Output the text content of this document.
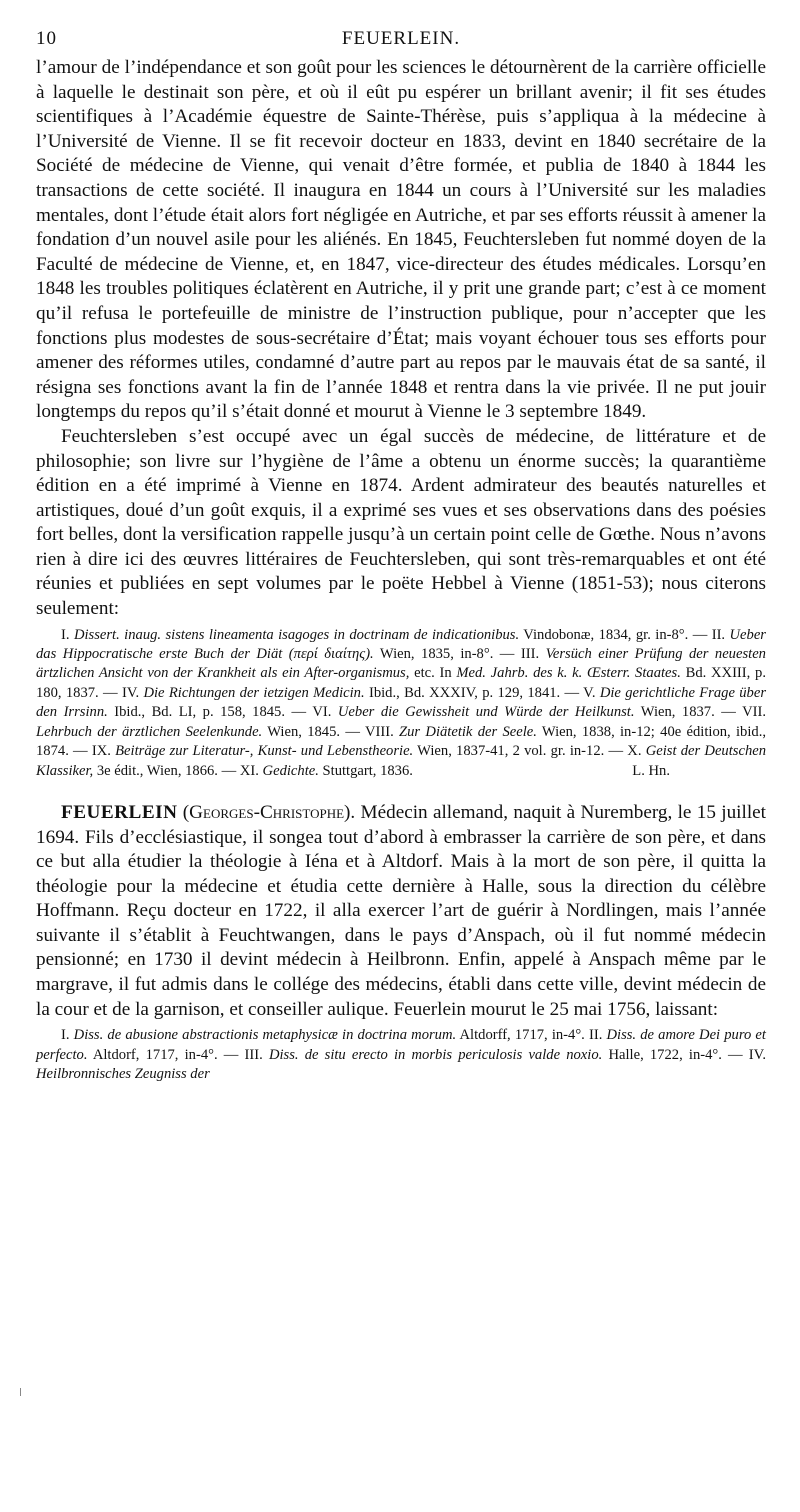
10	FEUERLEIN.

l’amour de l’indépendance et son goût pour les sciences le détournèrent de la carrière officielle à laquelle le destinait son père, et où il eût pu espérer un brillant avenir; il fit ses études scientifiques à l’Académie équestre de Sainte-Thérèse, puis s’appliqua à la médecine à l’Université de Vienne. Il se fit recevoir docteur en 1833, devint en 1840 secrétaire de la Société de médecine de Vienne, qui venait d’être formée, et publia de 1840 à 1844 les transactions de cette société. Il inaugura en 1844 un cours à l’Université sur les maladies mentales, dont l’étude était alors fort négligée en Autriche, et par ses efforts réussit à amener la fondation d’un nouvel asile pour les aliénés. En 1845, Feuchtersleben fut nommé doyen de la Faculté de médecine de Vienne, et, en 1847, vice-directeur des études médicales. Lorsqu’en 1848 les troubles politiques éclatèrent en Autriche, il y prit une grande part; c’est à ce moment qu’il refusa le portefeuille de ministre de l’instruction publique, pour n’accepter que les fonctions plus modestes de sous-secrétaire d’État; mais voyant échouer tous ses efforts pour amener des réformes utiles, condamné d’autre part au repos par le mauvais état de sa santé, il résigna ses fonctions avant la fin de l’année 1848 et rentra dans la vie privée. Il ne put jouir longtemps du repos qu’il s’était donné et mourut à Vienne le 3 septembre 1849.

Feuchtersleben s’est occupé avec un égal succès de médecine, de littérature et de philosophie; son livre sur l’hygiène de l’âme a obtenu un énorme succès; la quarantième édition en a été imprimé à Vienne en 1874. Ardent admirateur des beautés naturelles et artistiques, doué d’un goût exquis, il a exprimé ses vues et ses observations dans des poésies fort belles, dont la versification rappelle jusqu’à un certain point celle de Gœthe. Nous n’avons rien à dire ici des œuvres littéraires de Feuchtersleben, qui sont très-remarquables et ont été réunies et publiées en sept volumes par le poëte Hebbel à Vienne (1851-53); nous citerons seulement:

I. Dissert. inaug. sistens lineamenta isagoges in doctrinam de indicationibus. Vindobonæ, 1834, gr. in-8°. — II. Ueber das Hippocratische erste Buch der Diät (περί διαίτης). Wien, 1835, in-8°. — III. Versüch einer Prüfung der neuesten ärtzlichen Ansicht von der Krankheit als ein After-organismus, etc. In Med. Jahrb. des k. k. Œsterr. Staates. Bd. XXIII, p. 180, 1837. — IV. Die Richtungen der ietzigen Medicin. Ibid., Bd. XXXIV, p. 129, 1841. — V. Die gerichtliche Frage über den Irrsinn. Ibid., Bd. LI, p. 158, 1845. — VI. Ueber die Gewissheit und Würde der Heilkunst. Wien, 1837. — VII. Lehrbuch der ärztlichen Seelenkunde. Wien, 1845. — VIII. Zur Diätetik der Seele. Wien, 1838, in-12; 40e édition, ibid., 1874. — IX. Beiträge zur Literatur-, Kunst- und Lebenstheorie. Wien, 1837-41, 2 vol. gr. in-12. — X. Geist der Deutschen Klassiker, 3e édit., Wien, 1866. — XI. Gedichte. Stuttgart, 1836.	L. Hn.

FEUERLEIN (Georges-Christophe). Médecin allemand, naquit à Nuremberg, le 15 juillet 1694. Fils d’ecclésiastique, il songea tout d’abord à embrasser la carrière de son père, et dans ce but alla étudier la théologie à Iéna et à Altdorf. Mais à la mort de son père, il quitta la théologie pour la médecine et étudia cette dernière à Halle, sous la direction du célèbre Hoffmann. Reçu docteur en 1722, il alla exercer l’art de guérir à Nordlingen, mais l’année suivante il s’établit à Feuchtwangen, dans le pays d’Anspach, où il fut nommé médecin pensionné; en 1730 il devint médecin à Heilbronn. Enfin, appelé à Anspach même par le margrave, il fut admis dans le collége des médecins, établi dans cette ville, devint médecin de la cour et de la garnison, et conseiller aulique. Feuerlein mourut le 25 mai 1756, laissant:

I. Diss. de abusione abstractionis metaphysicæ in doctrina morum. Altdorff, 1717, in-4°. II. Diss. de amore Dei puro et perfecto. Altdorf, 1717, in-4°. — III. Diss. de situ erecto in morbis periculosis valde noxio. Halle, 1722, in-4°. — IV. Heilbronnisches Zeugniss der
